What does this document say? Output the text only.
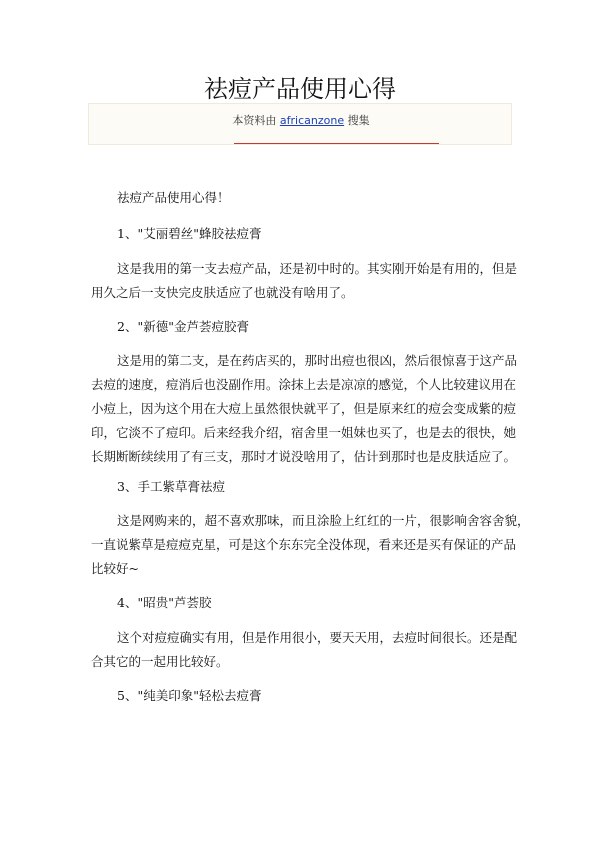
祛痘产品使用心得
本资料由 africanzone 搜集
祛痘产品使用心得！
1、"艾丽碧丝"蜂胶祛痘膏
这是我用的第一支去痘产品，还是初中时的。其实刚开始是有用的，但是
用久之后一支快完皮肤适应了也就没有啥用了。
2、"新德"金芦荟痘胶膏
这是用的第二支，是在药店买的，那时出痘也很凶，然后很惊喜于这产品
去痘的速度，痘消后也没副作用。涂抹上去是凉凉的感觉，个人比较建议用在
小痘上，因为这个用在大痘上虽然很快就平了，但是原来红的痘会变成紫的痘
印，它淡不了痘印。后来经我介绍，宿舍里一姐妹也买了，也是去的很快，她
长期断断续续用了有三支，那时才说没啥用了，估计到那时也是皮肤适应了。
3、手工紫草膏祛痘
这是网购来的，超不喜欢那味，而且涂脸上红红的一片，很影响舍容舍貌，
一直说紫草是痘痘克星，可是这个东东完全没体现，看来还是买有保证的产品
比较好~
4、"昭贵"芦荟胶
这个对痘痘确实有用，但是作用很小，要天天用，去痘时间很长。还是配
合其它的一起用比较好。
5、"纯美印象"轻松去痘膏
